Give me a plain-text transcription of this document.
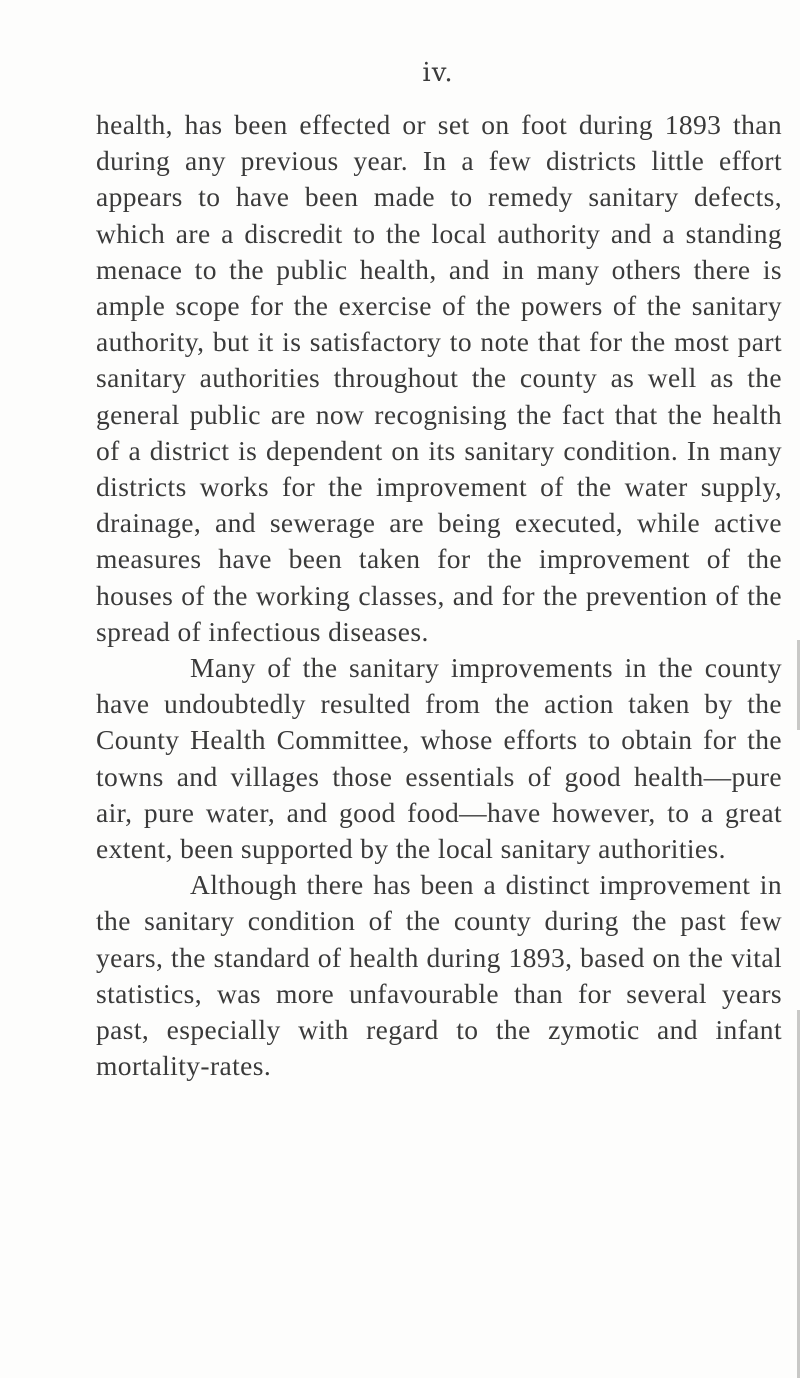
iv.

health, has been effected or set on foot during 1893 than during any previous year. In a few districts little effort appears to have been made to remedy sanitary defects, which are a discredit to the local authority and a standing menace to the public health, and in many others there is ample scope for the exercise of the powers of the sanitary authority, but it is satisfactory to note that for the most part sanitary authorities throughout the county as well as the general public are now recognising the fact that the health of a district is dependent on its sanitary condition. In many districts works for the improvement of the water supply, drainage, and sewerage are being executed, while active measures have been taken for the improvement of the houses of the working classes, and for the prevention of the spread of infectious diseases.

Many of the sanitary improvements in the county have undoubtedly resulted from the action taken by the County Health Committee, whose efforts to obtain for the towns and villages those essentials of good health—pure air, pure water, and good food—have however, to a great extent, been supported by the local sanitary authorities.

Although there has been a distinct improvement in the sanitary condition of the county during the past few years, the standard of health during 1893, based on the vital statistics, was more unfavourable than for several years past, especially with regard to the zymotic and infant mortality-rates.
